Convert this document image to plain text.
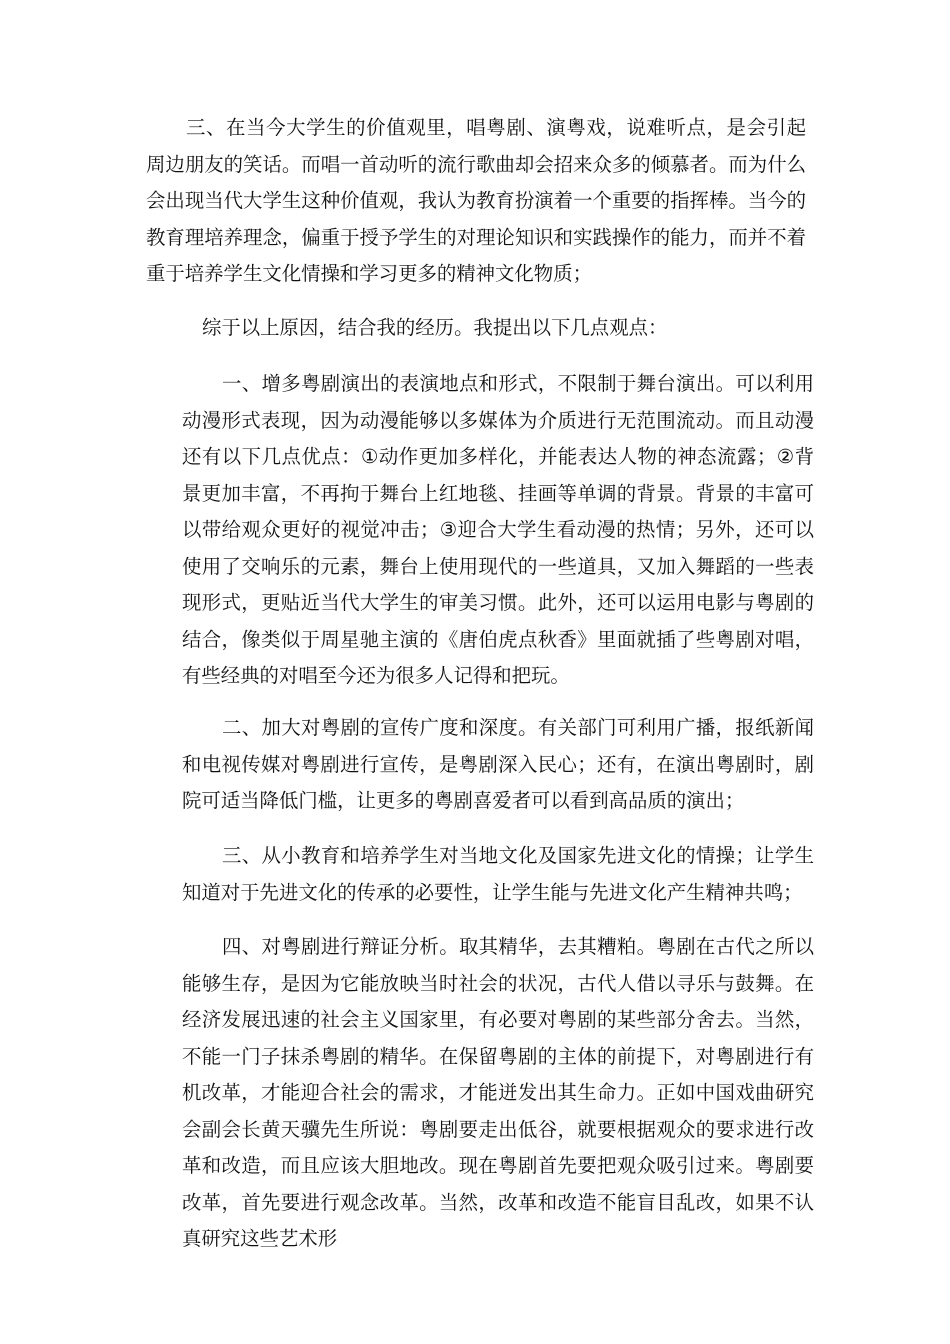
三、在当今大学生的价值观里，唱粤剧、演粤戏，说难听点，是会引起周边朋友的笑话。而唱一首动听的流行歌曲却会招来众多的倾慕者。而为什么会出现当代大学生这种价值观，我认为教育扮演着一个重要的指挥棒。当今的教育理培养理念，偏重于授予学生的对理论知识和实践操作的能力，而并不着重于培养学生文化情操和学习更多的精神文化物质；

综于以上原因，结合我的经历。我提出以下几点观点：

一、增多粤剧演出的表演地点和形式，不限制于舞台演出。可以利用动漫形式表现，因为动漫能够以多媒体为介质进行无范围流动。而且动漫还有以下几点优点：①动作更加多样化，并能表达人物的神态流露；②背景更加丰富，不再拘于舞台上红地毯、挂画等单调的背景。背景的丰富可以带给观众更好的视觉冲击；③迎合大学生看动漫的热情；另外，还可以使用了交响乐的元素，舞台上使用现代的一些道具，又加入舞蹈的一些表现形式，更贴近当代大学生的审美习惯。此外，还可以运用电影与粤剧的结合，像类似于周星驰主演的《唐伯虎点秋香》里面就插了些粤剧对唱，有些经典的对唱至今还为很多人记得和把玩。

二、加大对粤剧的宣传广度和深度。有关部门可利用广播，报纸新闻和电视传媒对粤剧进行宣传，是粤剧深入民心；还有，在演出粤剧时，剧院可适当降低门槛，让更多的粤剧喜爱者可以看到高品质的演出；

三、从小教育和培养学生对当地文化及国家先进文化的情操；让学生知道对于先进文化的传承的必要性，让学生能与先进文化产生精神共鸣；

四、对粤剧进行辩证分析。取其精华，去其糟粕。粤剧在古代之所以能够生存，是因为它能放映当时社会的状况，古代人借以寻乐与鼓舞。在经济发展迅速的社会主义国家里，有必要对粤剧的某些部分舍去。当然，不能一门子抹杀粤剧的精华。在保留粤剧的主体的前提下，对粤剧进行有机改革，才能迎合社会的需求，才能迸发出其生命力。正如中国戏曲研究会副会长黄天骥先生所说：粤剧要走出低谷，就要根据观众的要求进行改革和改造，而且应该大胆地改。现在粤剧首先要把观众吸引过来。粤剧要改革，首先要进行观念改革。当然，改革和改造不能盲目乱改，如果不认真研究这些艺术形
